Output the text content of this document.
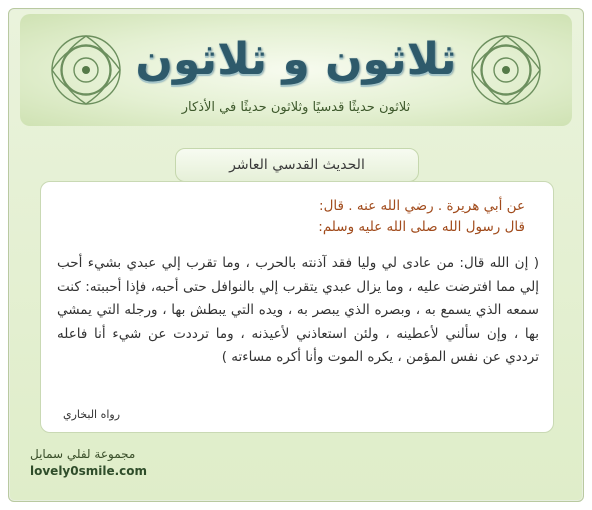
ثلاثون و ثلاثون
ثلاثون حديثًا قدسيًا وثلاثون حديثًا في الأذكار
الحديث القدسي العاشر
عن أبي هريرة . رضي الله عنه . قال:
قال رسول الله صلى الله عليه وسلم:
( إن الله قال: من عادى لي وليا فقد آذنته بالحرب ، وما تقرب إلي عبدي بشيء أحب إلي مما افترضت عليه ، وما يزال عبدي يتقرب إلي بالنوافل حتى أحبه، فإذا أحببته: كنت سمعه الذي يسمع به ، وبصره الذي يبصر به ، ويده التي يبطش بها ، ورجله التي يمشي بها ، وإن سألني لأعطينه ، ولئن استعاذني لأعيذنه ، وما ترددت عن شيء أنا فاعله ترددي عن نفس المؤمن ، يكره الموت وأنا أكره مساءته )
رواه البخاري
مجموعة لفلي سمايل
lovely0smile.com
